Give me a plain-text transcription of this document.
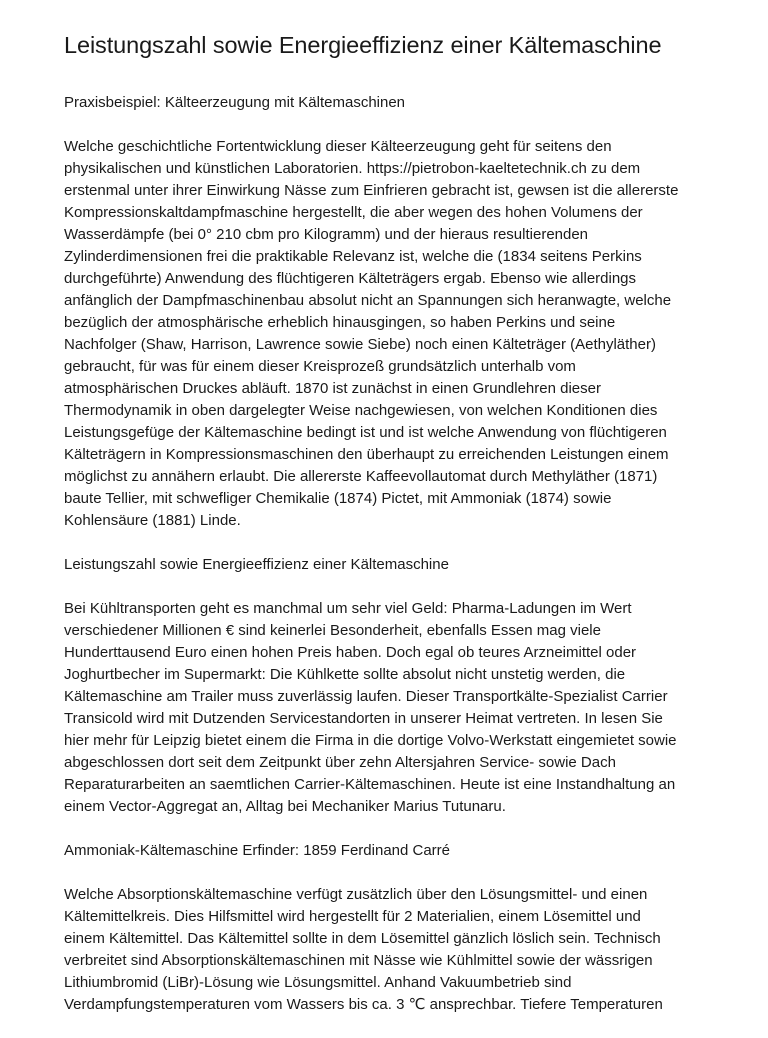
Leistungszahl sowie Energieeffizienz einer Kältemaschine
Praxisbeispiel: Kälteerzeugung mit Kältemaschinen
Welche geschichtliche Fortentwicklung dieser Kälteerzeugung geht für seitens den
physikalischen und künstlichen Laboratorien. https://pietrobon-kaeltetechnik.ch zu dem
erstenmal unter ihrer Einwirkung Nässe zum Einfrieren gebracht ist, gewsen ist die allererste
Kompressionskaltdampfmaschine hergestellt, die aber wegen des hohen Volumens der
Wasserdämpfe (bei 0° 210 cbm pro Kilogramm) und der hieraus resultierenden
Zylinderdimensionen frei die praktikable Relevanz ist, welche die (1834 seitens Perkins
durchgeführte) Anwendung des flüchtigeren Kälteträgers ergab. Ebenso wie allerdings
anfänglich der Dampfmaschinenbau absolut nicht an Spannungen sich heranwagte, welche
bezüglich der atmosphärische erheblich hinausgingen, so haben Perkins und seine
Nachfolger (Shaw, Harrison, Lawrence sowie Siebe) noch einen Kälteträger (Aethyläther)
gebraucht, für was für einem dieser Kreisprozeß grundsätzlich unterhalb vom
atmosphärischen Druckes abläuft. 1870 ist zunächst in einen Grundlehren dieser
Thermodynamik in oben dargelegter Weise nachgewiesen, von welchen Konditionen dies
Leistungsgefüge der Kältemaschine bedingt ist und ist welche Anwendung von flüchtigeren
Kälteträgern in Kompressionsmaschinen den überhaupt zu erreichenden Leistungen einem
möglichst zu annähern erlaubt. Die allererste Kaffeevollautomat durch Methyläther (1871)
baute Tellier, mit schwefliger Chemikalie (1874) Pictet, mit Ammoniak (1874) sowie
Kohlensäure (1881) Linde.
Leistungszahl sowie Energieeffizienz einer Kältemaschine
Bei Kühltransporten geht es manchmal um sehr viel Geld: Pharma-Ladungen im Wert
verschiedener Millionen € sind keinerlei Besonderheit, ebenfalls Essen mag viele
Hunderttausend Euro einen hohen Preis haben. Doch egal ob teures Arzneimittel oder
Joghurtbecher im Supermarkt: Die Kühlkette sollte absolut nicht unstetig werden, die
Kältemaschine am Trailer muss zuverlässig laufen. Dieser Transportkälte-Spezialist Carrier
Transicold wird mit Dutzenden Servicestandorten in unserer Heimat vertreten. In lesen Sie
hier mehr für Leipzig bietet einem die Firma in die dortige Volvo-Werkstatt eingemietet sowie
abgeschlossen dort seit dem Zeitpunkt über zehn Altersjahren Service- sowie Dach
Reparaturarbeiten an saemtlichen Carrier-Kältemaschinen. Heute ist eine Instandhaltung an
einem Vector-Aggregat an, Alltag bei Mechaniker Marius Tutunaru.
Ammoniak-Kältemaschine Erfinder: 1859 Ferdinand Carré
Welche Absorptionskältemaschine verfügt zusätzlich über den Lösungsmittel- und einen
Kältemittelkreis. Dies Hilfsmittel wird hergestellt für 2 Materialien, einem Lösemittel und
einem Kältemittel. Das Kältemittel sollte in dem Lösemittel gänzlich löslich sein. Technisch
verbreitet sind Absorptionskältemaschinen mit Nässe wie Kühlmittel sowie der wässrigen
Lithiumbromid (LiBr)-Lösung wie Lösungsmittel. Anhand Vakuumbetrieb sind
Verdampfungstemperaturen vom Wassers bis ca. 3 ℃ ansprechbar. Tiefere Temperaturen
